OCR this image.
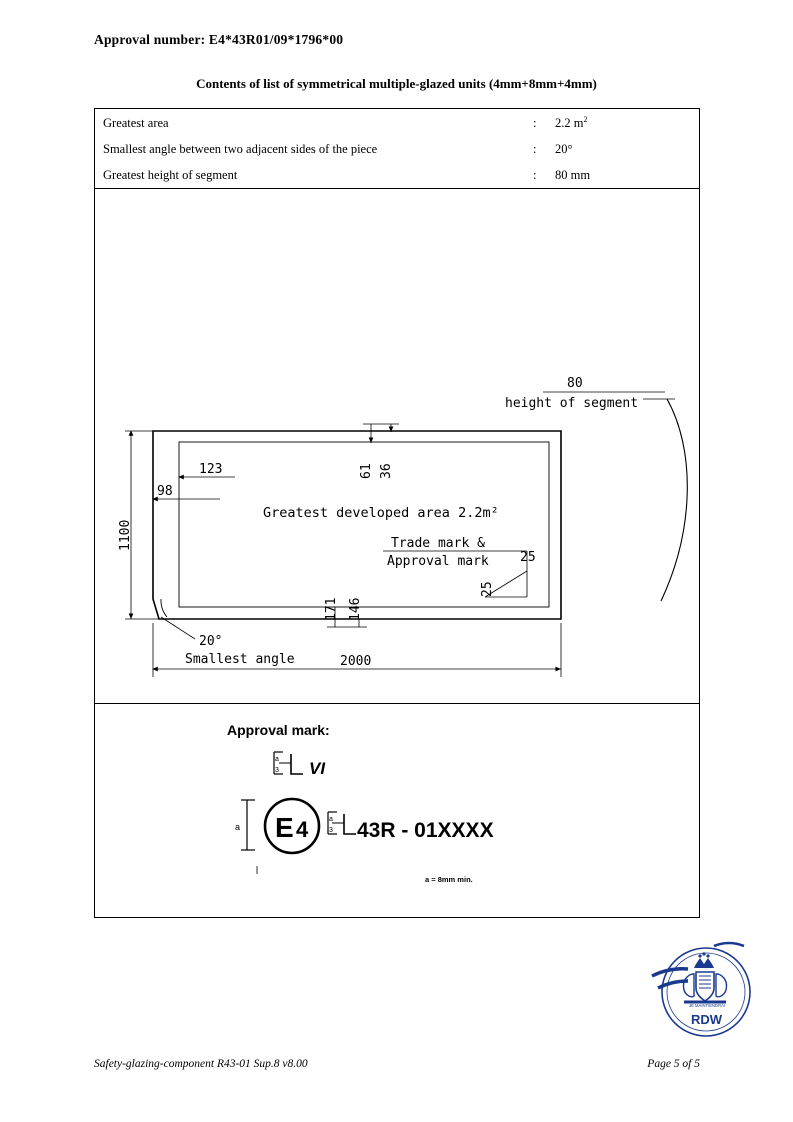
Approval number: E4*43R01/09*1796*00
Contents of list of symmetrical multiple-glazed units (4mm+8mm+4mm)
Greatest area	:	2.2 $m^2$
Smallest angle between two adjacent sides of the piece	:	20°
Greatest height of segment	:	80 mm
80
height of segment
61 36
123
98
Greatest developed area 2.2m²
Trade mark &
Approval mark 25
25
171 146
1100
2000
20°
Smallest angle
Approval mark:
a
3 VI
a E 4	a
3 43R - 01XXXX
a = 8mm min.
JE MAINTIENDRAI
RDW
Safety-glazing-component R43-01 Sup.8 v8.00	Page 5 of 5
